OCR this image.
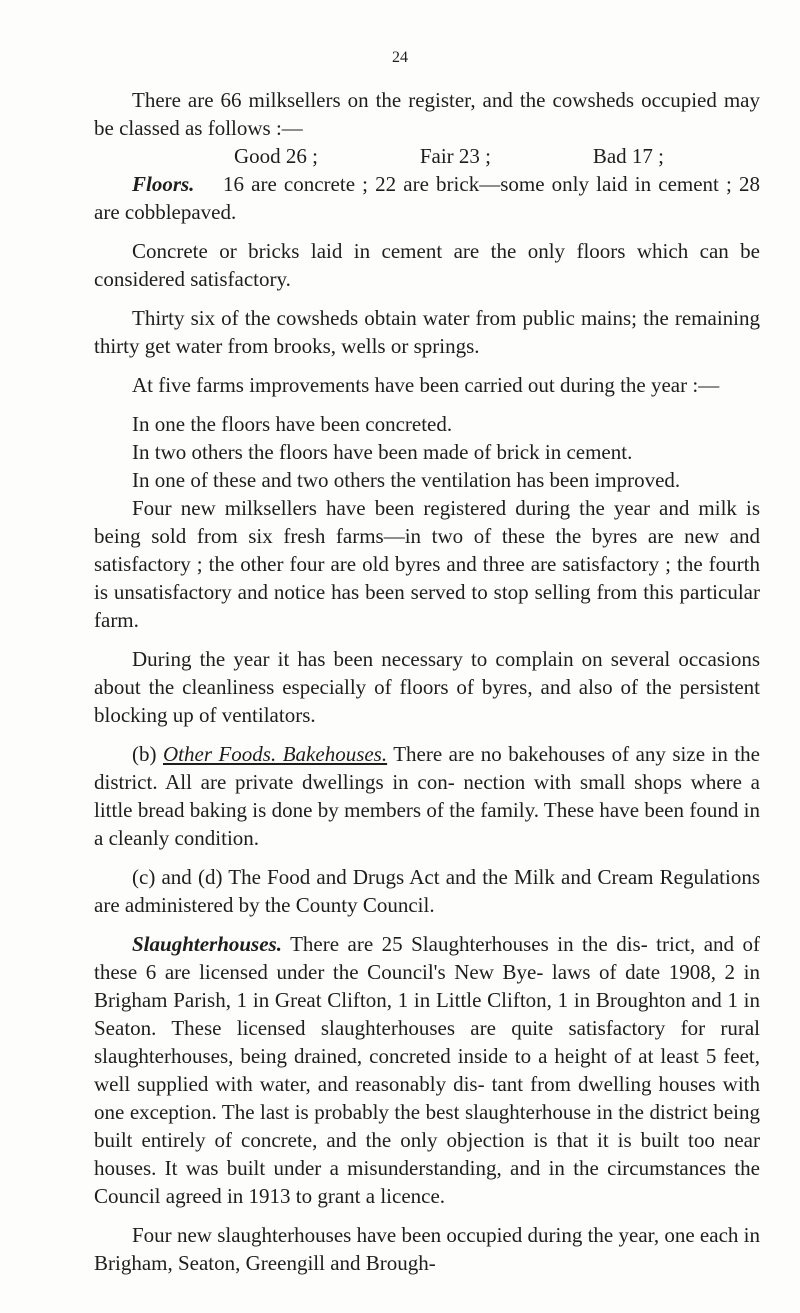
24

There are 66 milksellers on the register, and the cowsheds occupied may be classed as follows :—

Good 26 ;	Fair 23 ;	Bad 17 ;

Floors. 16 are concrete ; 22 are brick—some only laid in cement ; 28 are cobblepaved.

Concrete or bricks laid in cement are the only floors which can be considered satisfactory.

Thirty six of the cowsheds obtain water from public mains; the remaining thirty get water from brooks, wells or springs.

At five farms improvements have been carried out during the year :—

In one the floors have been concreted.

In two others the floors have been made of brick in cement.

In one of these and two others the ventilation has been improved.

Four new milksellers have been registered during the year and milk is being sold from six fresh farms—in two of these the byres are new and satisfactory ; the other four are old byres and three are satisfactory ; the fourth is unsatisfactory and notice has been served to stop selling from this particular farm.

During the year it has been necessary to complain on several occasions about the cleanliness especially of floors of byres, and also of the persistent blocking up of ventilators.

(b) Other Foods. Bakehouses. There are no bakehouses of any size in the district. All are private dwellings in con- nection with small shops where a little bread baking is done by members of the family. These have been found in a cleanly condition.

(c) and (d) The Food and Drugs Act and the Milk and Cream Regulations are administered by the County Council.

Slaughterhouses. There are 25 Slaughterhouses in the dis- trict, and of these 6 are licensed under the Council's New Bye- laws of date 1908, 2 in Brigham Parish, 1 in Great Clifton, 1 in Little Clifton, 1 in Broughton and 1 in Seaton. These licensed slaughterhouses are quite satisfactory for rural slaughterhouses, being drained, concreted inside to a height of at least 5 feet, well supplied with water, and reasonably dis- tant from dwelling houses with one exception. The last is probably the best slaughterhouse in the district being built entirely of concrete, and the only objection is that it is built too near houses. It was built under a misunderstanding, and in the circumstances the Council agreed in 1913 to grant a licence.

Four new slaughterhouses have been occupied during the year, one each in Brigham, Seaton, Greengill and Brough-
